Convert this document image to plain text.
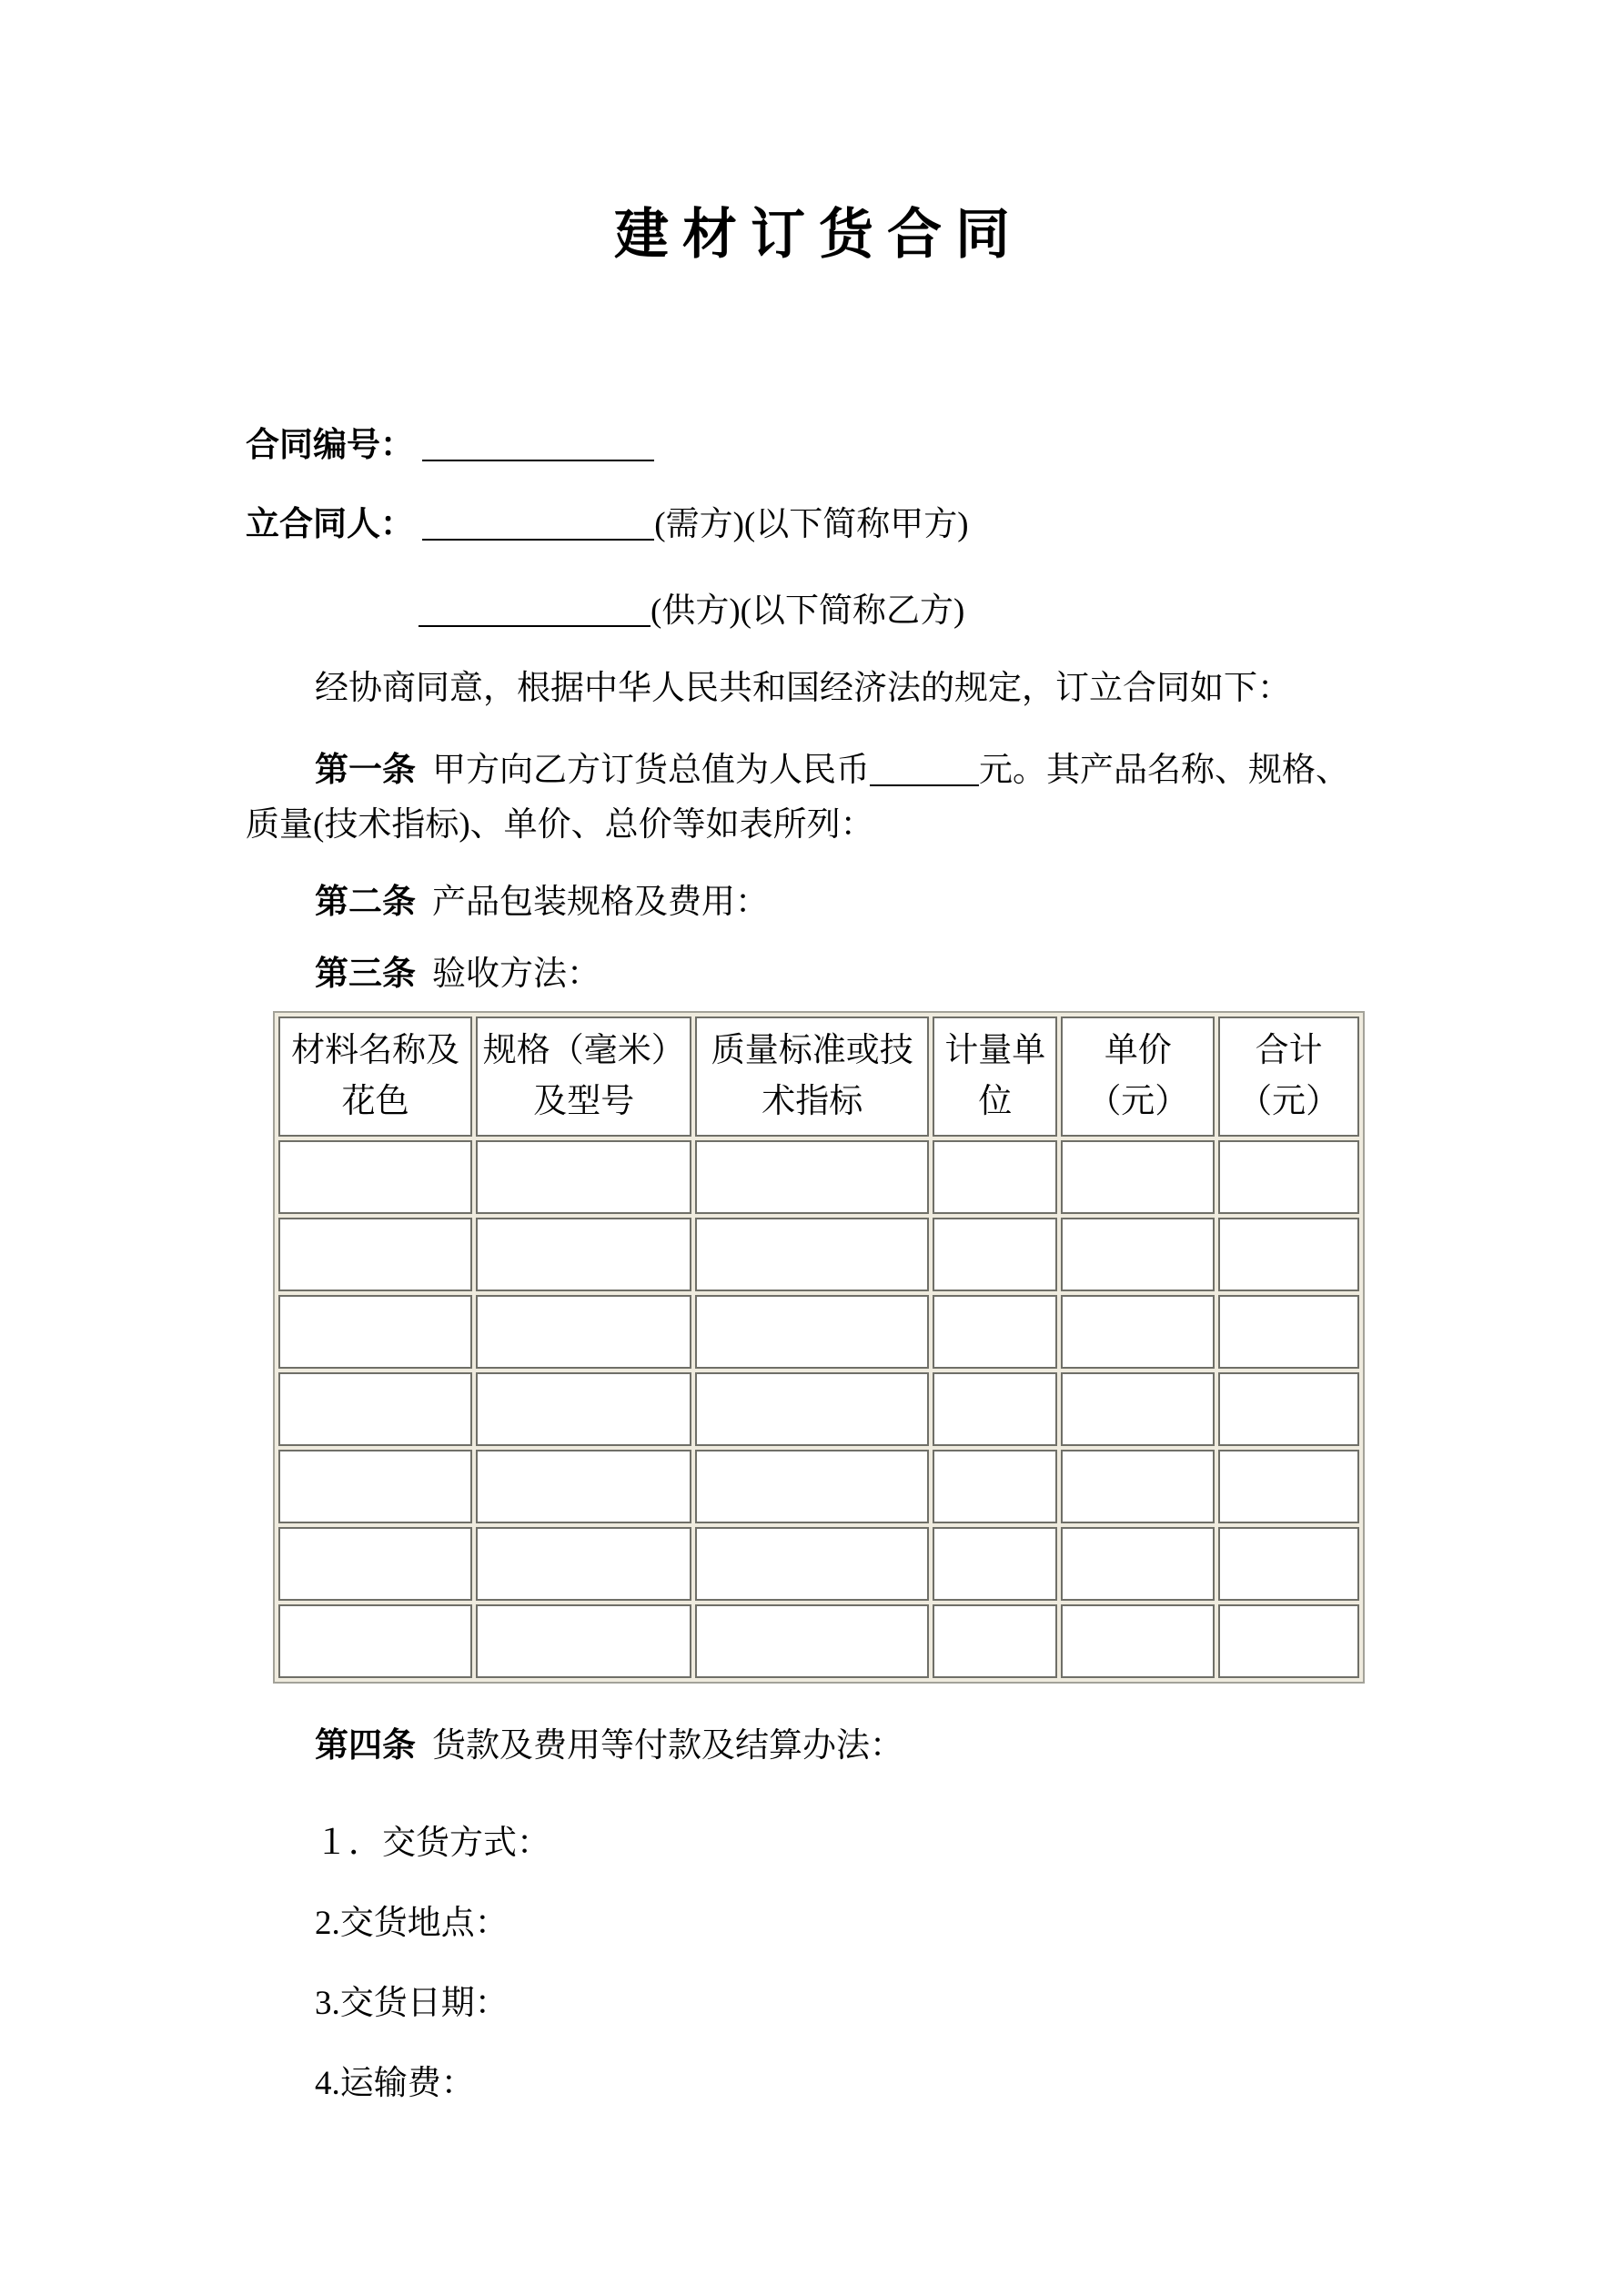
建 材 订 货 合 同

合同编号：

立合同人：	(需方)(以下简称甲方)

(供方)(以下简称乙方)

经协商同意，根据中华人民共和国经济法的规定，订立合同如下：

第一条 甲方向乙方订货总值为人民币	元。其产品名称、规格、质量(技术指标)、单价、总价等如表所列：

第二条 产品包装规格及费用：

第三条 验收方法：

材料名称及花色	规格（毫米）及型号	质量标准或技术指标	计量单位	单价（元）	合计（元）

第四条 货款及费用等付款及结算办法：

１．交货方式：

2.交货地点：

3.交货日期：

4.运输费：
